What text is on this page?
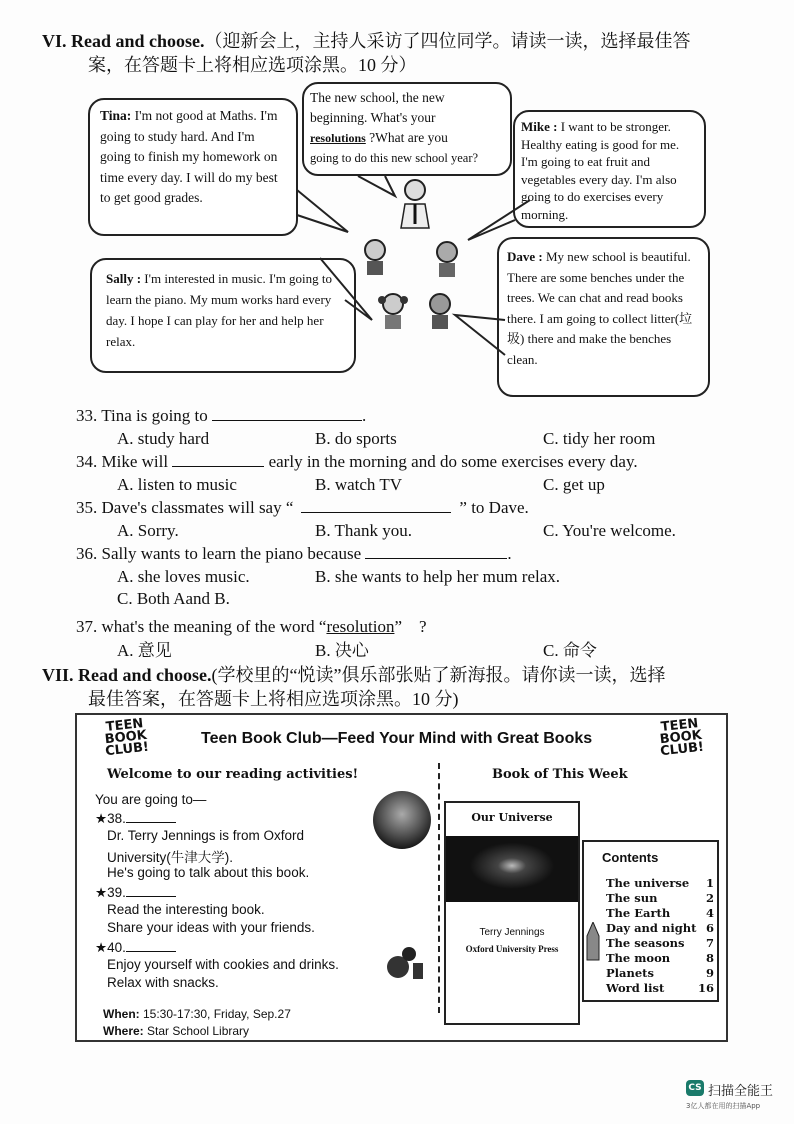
VI. Read and choose.（迎新会上，主持人采访了四位同学。请读一读，选择最佳答
案，在答题卡上将相应选项涂黑。10 分）
Tina: I'm not good at Maths. I'm going to study hard. And I'm going to finish my homework on time every day. I will do my best to get good grades.
The new school, the new
beginning. What's your
resolutions ?What are you
going to do this new school year?
Mike : I want to be stronger. Healthy eating is good for me. I'm going to eat fruit and vegetables every day. I'm also going to do exercises every morning.
Sally : I'm interested in music. I'm going to learn the piano. My mum works hard every day. I hope I can play for her and help her relax.
Dave : My new school is beautiful. There are some benches under the trees. We can chat and read books there. I am going to collect litter(垃圾) there and make the benches clean.
33. Tina is going to	.
A. study hard	B. do sports	C. tidy her room
34. Mike will	early in the morning and do some exercises every day.
A. listen to music	B. watch TV	C. get up
35. Dave's classmates will say “	” to Dave.
A. Sorry.	B. Thank you.	C. You're welcome.
36. Sally wants to learn the piano because	.
A. she loves music.	B. she wants to help her mum relax.
C. Both Aand B.
37. what's the meaning of the word “resolution”　?
A. 意见	B. 决心	C. 命令
VII. Read and choose.(学校里的“悦读”俱乐部张贴了新海报。请你读一读，选择
最佳答案，在答题卡上将相应选项涂黑。10 分)
TEEN BOOK CLUB!
TEEN BOOK CLUB!
Teen Book Club—Feed Your Mind with Great Books
Welcome to our reading activities!	Book of This Week
You are going to—
★38.
Dr. Terry Jennings is from Oxford
University(牛津大学).
He's going to talk about this book.
★39.
Read the interesting book.
Share your ideas with your friends.
★40.
Enjoy yourself with cookies and drinks.
Relax with snacks.
When: 15:30-17:30, Friday, Sep.27
Where: Star School Library
Our Universe
Terry Jennings
Oxford University Press
Contents
The universe 1
The sun	2
The Earth	4
Day and night 6
The seasons 7
The moon	8
Planets	9
Word list	16
CS 扫描全能王
3亿人都在用的扫描App
